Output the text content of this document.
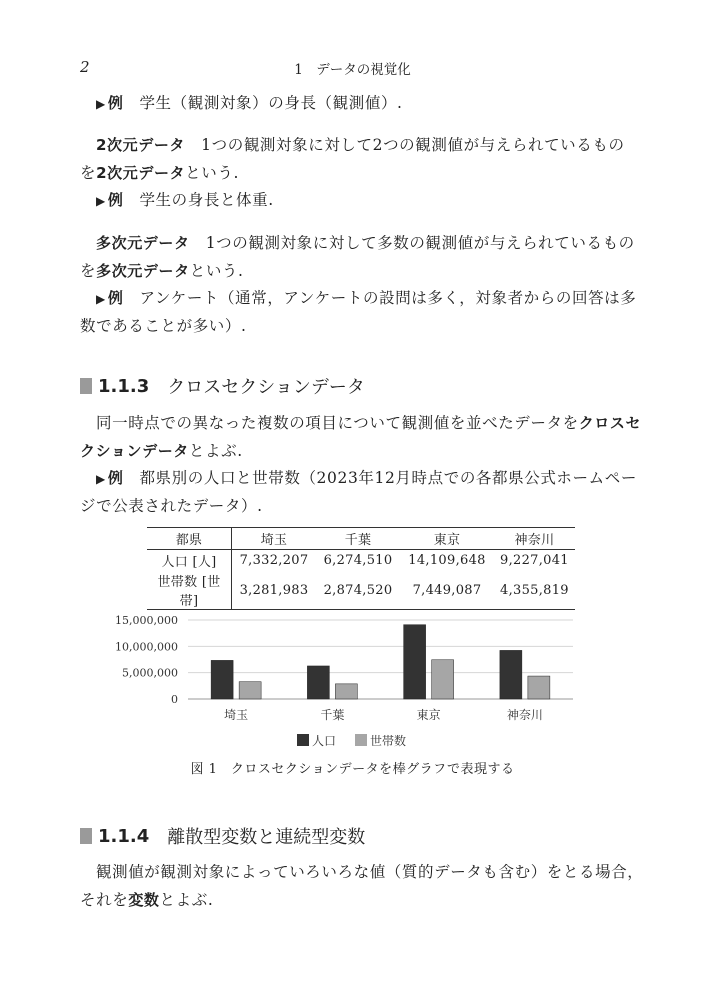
2	1　データの視覚化
▶ 例 学生（観測対象）の身長（観測値）.
2次元データ　 1つの観測対象に対して2つの観測値が与えられているもの
を2次元データという.
▶ 例 学生の身長と体重.
多次元データ　 1つの観測対象に対して多数の観測値が与えられているもの
を多次元データという.
▶ 例 アンケート（通常，アンケートの設問は多く，対象者からの回答は多
数であることが多い）.
1.1.3 クロスセクションデータ
同一時点での異なった複数の項目について観測値を並べたデータをクロスセ
クションデータとよぶ.
▶ 例 都県別の人口と世帯数（2023年12月時点での各都県公式ホームペー
ジで公表されたデータ）.
都県	埼玉	千葉	東京	神奈川
人口 [人]	7,332,207	6,274,510	14,109,648	9,227,041
世帯数 [世帯]	3,281,983	2,874,520	7,449,087	4,355,819
0
5,000,000
10,000,000
15,000,000
埼玉	千葉	東京	神奈川
人口	世帯数
図 1　クロスセクションデータを棒グラフで表現する
1.1.4 離散型変数と連続型変数
観測値が観測対象によっていろいろな値（質的データも含む）をとる場合，
それを変数とよぶ.
